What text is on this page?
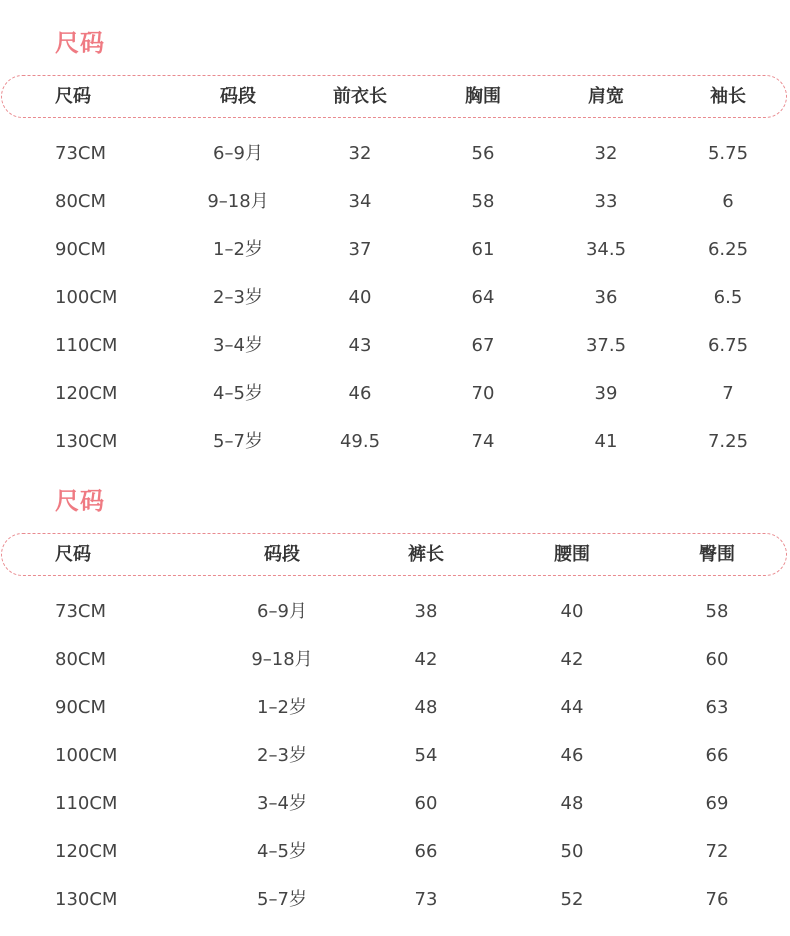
尺码
尺码	码段	前衣长	胸围	肩宽	袖长
73CM	6–9月	32	56	32	5.75
80CM	9–18月	34	58	33	6
90CM	1–2岁	37	61	34.5	6.25
100CM	2–3岁	40	64	36	6.5
110CM	3–4岁	43	67	37.5	6.75
120CM	4–5岁	46	70	39	7
130CM	5–7岁	49.5	74	41	7.25
尺码
尺码	码段	裤长	腰围	臀围
73CM	6–9月	38	40	58
80CM	9–18月	42	42	60
90CM	1–2岁	48	44	63
100CM	2–3岁	54	46	66
110CM	3–4岁	60	48	69
120CM	4–5岁	66	50	72
130CM	5–7岁	73	52	76
